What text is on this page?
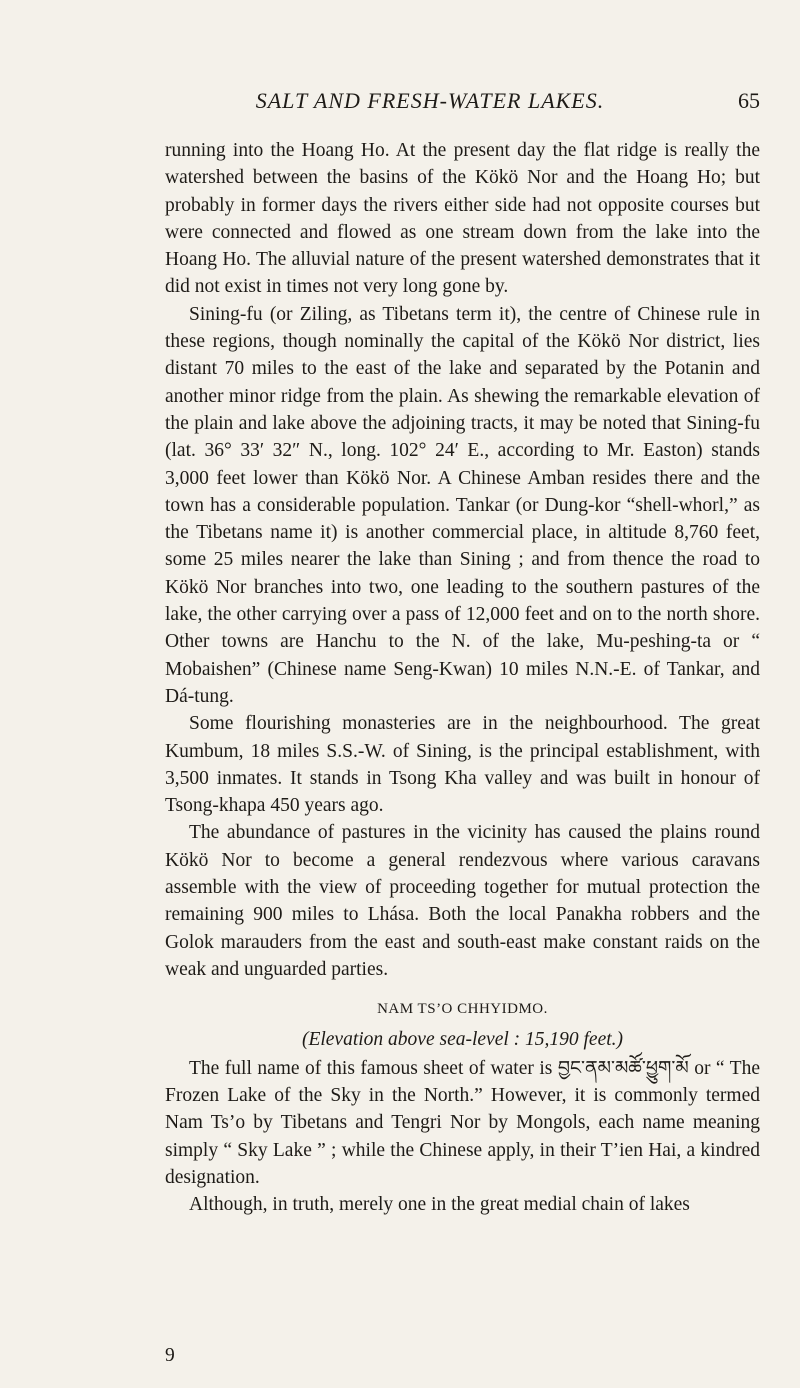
SALT AND FRESH-WATER LAKES.	65

running into the Hoang Ho. At the present day the flat ridge is really the watershed between the basins of the Kökö Nor and the Hoang Ho; but probably in former days the rivers either side had not opposite courses but were connected and flowed as one stream down from the lake into the Hoang Ho. The alluvial nature of the present watershed demonstrates that it did not exist in times not very long gone by.

Sining-fu (or Ziling, as Tibetans term it), the centre of Chinese rule in these regions, though nominally the capital of the Kökö Nor district, lies distant 70 miles to the east of the lake and separated by the Potanin and another minor ridge from the plain. As shewing the remarkable elevation of the plain and lake above the adjoining tracts, it may be noted that Sining-fu (lat. 36° 33′ 32″ N., long. 102° 24′ E., according to Mr. Easton) stands 3,000 feet lower than Kökö Nor. A Chinese Amban resides there and the town has a considerable population. Tankar (or Dung-kor “shell-whorl,” as the Tibetans name it) is another commercial place, in altitude 8,760 feet, some 25 miles nearer the lake than Sining ; and from thence the road to Kökö Nor branches into two, one leading to the southern pastures of the lake, the other carrying over a pass of 12,000 feet and on to the north shore. Other towns are Hanchu to the N. of the lake, Mu-peshing-ta or “ Mobaishen” (Chinese name Seng-Kwan) 10 miles N.N.-E. of Tankar, and Dá-tung.

Some flourishing monasteries are in the neighbourhood. The great Kumbum, 18 miles S.S.-W. of Sining, is the principal establishment, with 3,500 inmates. It stands in Tsong Kha valley and was built in honour of Tsong-khapa 450 years ago.

The abundance of pastures in the vicinity has caused the plains round Kökö Nor to become a general rendezvous where various caravans assemble with the view of proceeding together for mutual protection the remaining 900 miles to Lhásа. Both the local Panakha robbers and the Golok marauders from the east and south-east make constant raids on the weak and unguarded parties.

NAM TS’O CHHYIDMO.
(Elevation above sea-level : 15,190 feet.)

The full name of this famous sheet of water is བྱང་ནམ་མཚོ་ཕྱུག་མོ or “ The Frozen Lake of the Sky in the North.” However, it is commonly termed Nam Ts’o by Tibetans and Tengri Nor by Mongols, each name meaning simply “ Sky Lake ” ; while the Chinese apply, in their T’ien Hai, a kindred designation.

Although, in truth, merely one in the great medial chain of lakes

9
